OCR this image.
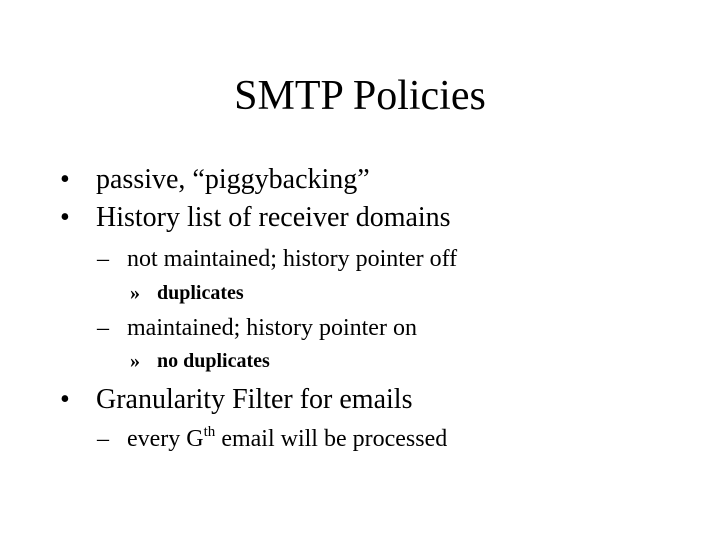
SMTP Policies
• passive, “piggybacking”
• History list of receiver domains
– not maintained; history pointer off
» duplicates
– maintained; history pointer on
» no duplicates
• Granularity Filter for emails
– every $G^{th}$ email will be processed
